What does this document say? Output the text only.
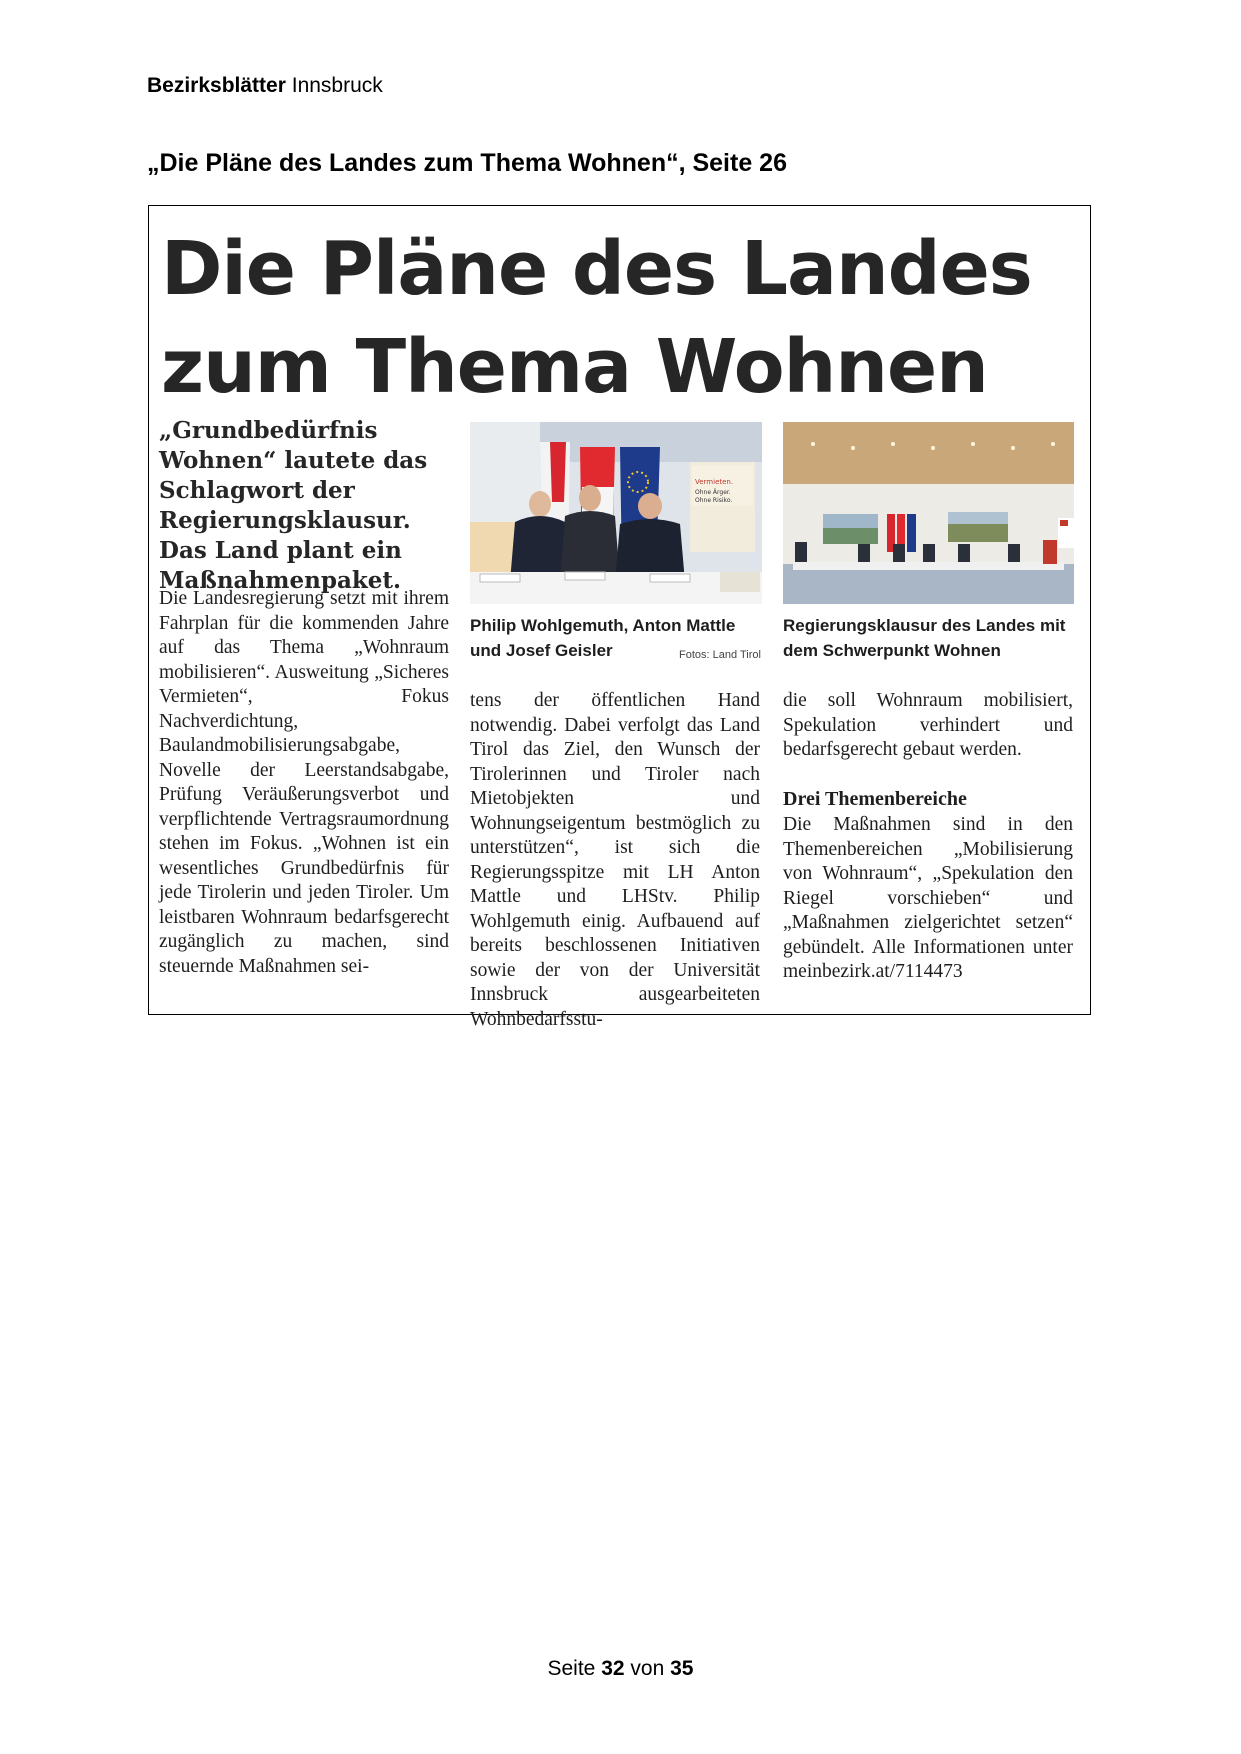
Bezirksblätter Innsbruck
„Die Pläne des Landes zum Thema Wohnen“, Seite 26
Die Pläne des Landes
zum Thema Wohnen

„Grundbedürfnis Wohnen“ lautete das Schlagwort der Regierungsklausur. Das Land plant ein Maßnahmenpaket.

Vermieten.
Ohne Ärger.
Ohne Risiko.
Philip Wohlgemuth, Anton Mattle und Josef Geisler	Fotos: Land Tirol
Regierungsklausur des Landes mit dem Schwerpunkt Wohnen

Die Landesregierung setzt mit ihrem Fahrplan für die kommenden Jahre auf das Thema „Wohnraum mobilisieren“. Ausweitung „Sicheres Vermieten“, Fokus Nachverdichtung, Baulandmobilisierungsabgabe, Novelle der Leerstandsabgabe, Prüfung Veräußerungsverbot und verpflichtende Vertragsraumordnung stehen im Fokus. „Wohnen ist ein wesentliches Grundbedürfnis für jede Tirolerin und jeden Tiroler. Um leistbaren Wohnraum bedarfsgerecht zugänglich zu machen, sind steuernde Maßnahmen sei-

tens der öffentlichen Hand notwendig. Dabei verfolgt das Land Tirol das Ziel, den Wunsch der Tirolerinnen und Tiroler nach Mietobjekten und Wohnungseigentum bestmöglich zu unterstützen“, ist sich die Regierungsspitze mit LH Anton Mattle und LHStv. Philip Wohlgemuth einig. Aufbauend auf bereits beschlossenen Initiativen sowie der von der Universität Innsbruck ausgearbeiteten Wohnbedarfsstu-

die soll Wohnraum mobilisiert, Spekulation verhindert und bedarfsgerecht gebaut werden.

Drei Themenbereiche

Die Maßnahmen sind in den Themenbereichen „Mobilisierung von Wohnraum“, „Spekulation den Riegel vorschieben“ und „Maßnahmen zielgerichtet setzen“ gebündelt. Alle Informationen unter meinbezirk.at/7114473

Seite 32 von 35
